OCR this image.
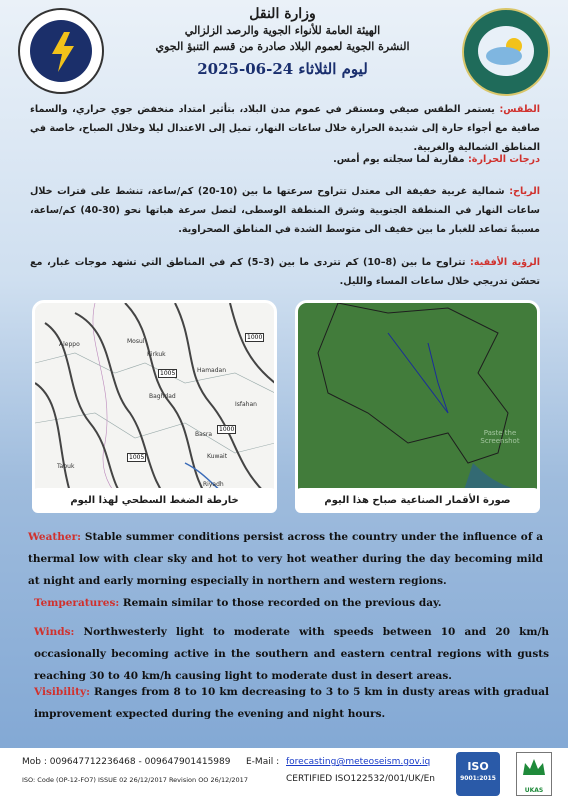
وزارة النقل
الهيئة العامة للأنواء الجوية والرصد الزلزالي
النشرة الجوية لعموم البلاد صادرة من قسم التنبؤ الجوي
ليوم الثلاثاء 24-06-2025
الطقس: يستمر الطقس صيفي ومستقر في عموم مدن البلاد، بتأثير امتداد منخفض جوي حراري، والسماء صافية مع أجواء حارة إلى شديدة الحرارة خلال ساعات النهار، تميل إلى الاعتدال ليلا وخلال الصباح، خاصة في المناطق الشمالية والغربية.
درجات الحرارة: مقاربة لما سجلته يوم أمس.
الرياح: شمالية غربية خفيفة الى معتدل تتراوح سرعتها ما بين (10-20) كم/ساعة، تنشط على فترات خلال ساعات النهار في المنطقة الجنوبية وشرق المنطقة الوسطى، لتصل سرعة هباتها نحو (30-40) كم/ساعة، مسببةً تصاعد للغبار ما بين خفيف الى متوسط الشدة في المناطق الصحراوية.
الرؤية الأفقية: تتراوح ما بين (8–10) كم تتردى ما بين (3–5) كم في المناطق التي تشهد موجات غبار، مع تحسّن تدريجي خلال ساعات المساء والليل.
1005
1000
1000
1005
Aleppo	Mosul
Kirkuk
Baghdad
Hamadan
Isfahan
Basra
Tabuk
Kuwait
Riyadh
خارطة الضغط السطحي لهذا اليوم
Paste the Screenshot
صورة الأقمار الصناعية صباح هذا اليوم
Weather: Stable summer conditions persist across the country under the influence of a thermal low with clear sky and hot to very hot weather during the day becoming mild at night and early morning especially in northern and western regions.
Temperatures: Remain similar to those recorded on the previous day.
Winds: Northwesterly light to moderate with speeds between 10 and 20 km/h occasionally becoming active in the southern and eastern central regions with gusts reaching 30 to 40 km/h causing light to moderate dust in desert areas.
Visibility: Ranges from 8 to 10 km decreasing to 3 to 5 km in dusty areas with gradual improvement expected during the evening and night hours.
Mob : 009647712236468 - 009647901415989 E-Mail : forecasting@meteoseism.gov.iq
ISO: Code (OP-12-FO7) ISSUE 02 26/12/2017 Revision OO 26/12/2017	CERTIFIED ISO122532/001/UK/En
ISO
9001:2015
UKAS
